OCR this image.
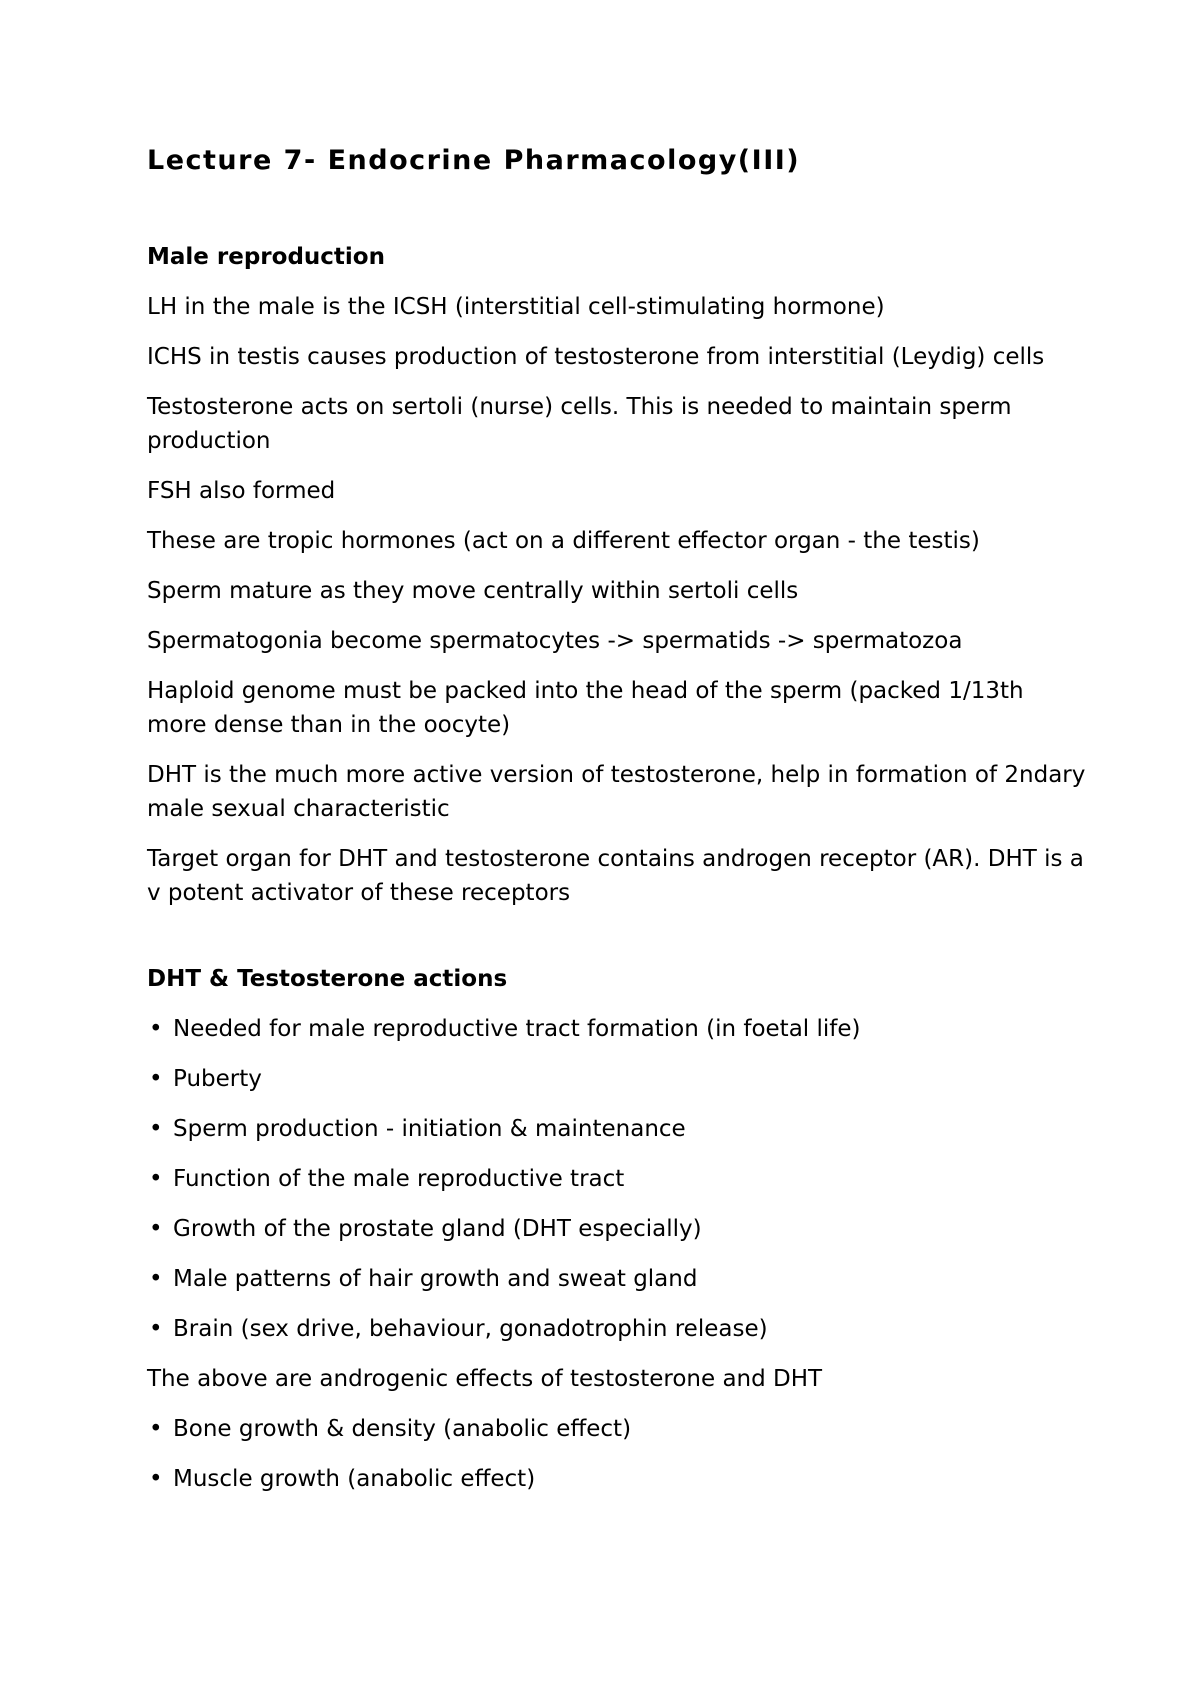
Lecture 7- Endocrine Pharmacology(III)
Male reproduction

LH in the male is the ICSH (interstitial cell-stimulating hormone)

ICHS in testis causes production of testosterone from interstitial (Leydig) cells

Testosterone acts on sertoli (nurse) cells. This is needed to maintain sperm production

FSH also formed

These are tropic hormones (act on a different effector organ - the testis)

Sperm mature as they move centrally within sertoli cells

Spermatogonia become spermatocytes -> spermatids -> spermatozoa

Haploid genome must be packed into the head of the sperm (packed 1/13th more dense than in the oocyte)

DHT is the much more active version of testosterone, help in formation of 2ndary male sexual characteristic

Target organ for DHT and testosterone contains androgen receptor (AR). DHT is a v potent activator of these receptors

DHT & Testosterone actions
• Needed for male reproductive tract formation (in foetal life)
• Puberty
• Sperm production - initiation & maintenance
• Function of the male reproductive tract
• Growth of the prostate gland (DHT especially)
• Male patterns of hair growth and sweat gland
• Brain (sex drive, behaviour, gonadotrophin release)

The above are androgenic effects of testosterone and DHT

• Bone growth & density (anabolic effect)
• Muscle growth (anabolic effect)
